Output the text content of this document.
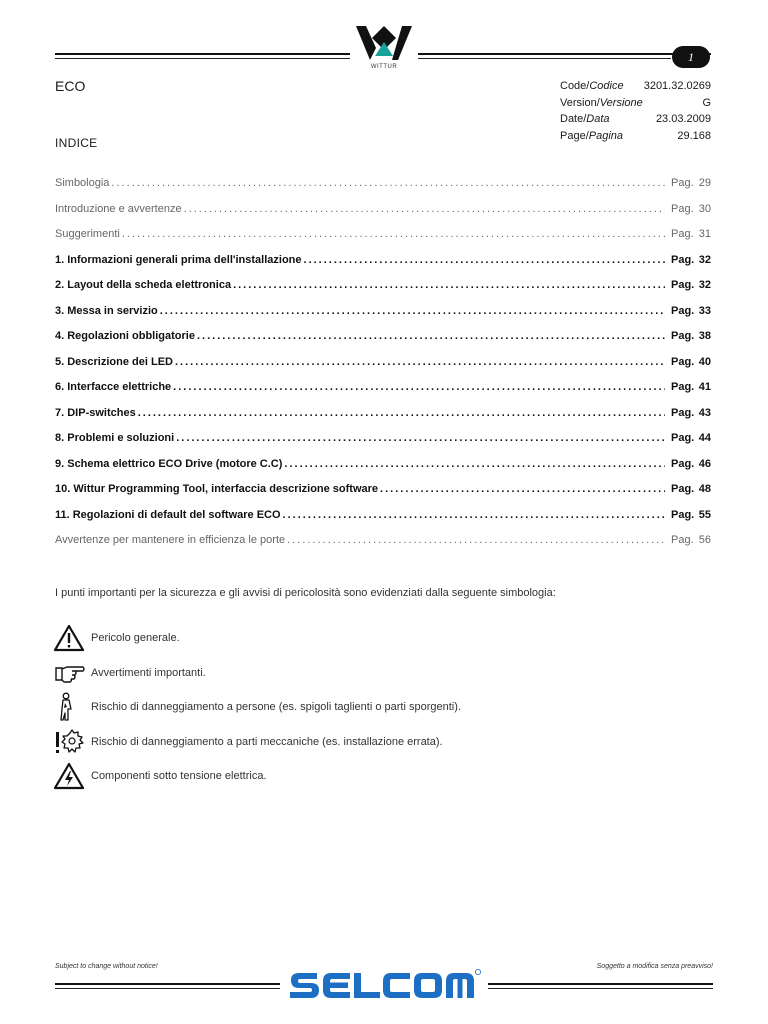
WITTUR
1
ECO
INDICE
Code/Codice 3201.32.0269
Version/Versione	G
Date/Data	23.03.2009
Page/Pagina	29.168
Simbologia .....	Pag. 29
Introduzione e avvertenze .....	Pag. 30
Suggerimenti .....	Pag. 31
1. Informazioni generali prima dell'installazione .....	Pag. 32
2. Layout della scheda elettronica .....	Pag. 32
3. Messa in servizio .....	Pag. 33
4. Regolazioni obbligatorie .....	Pag. 38
5. Descrizione dei LED .....	Pag. 40
6. Interfacce elettriche .....	Pag. 41
7. DIP-switches .....	Pag. 43
8. Problemi e soluzioni .....	Pag. 44
9. Schema elettrico ECO Drive (motore C.C) .....	Pag. 46
10. Wittur Programming Tool, interfaccia descrizione software .....	Pag. 48
11. Regolazioni di default del software ECO .....	Pag. 55
Avvertenze per mantenere in efficienza le porte .....	Pag. 56
I punti importanti per la sicurezza e gli avvisi di pericolosità sono evidenziati dalla seguente simbologia:
Pericolo generale.
Avvertimenti importanti.
Rischio di danneggiamento a persone (es. spigoli taglienti o parti sporgenti).
Rischio di danneggiamento a parti meccaniche (es. installazione errata).
Componenti sotto tensione elettrica.
Subject to change without notice!	Soggetto a modifica senza preavviso!
